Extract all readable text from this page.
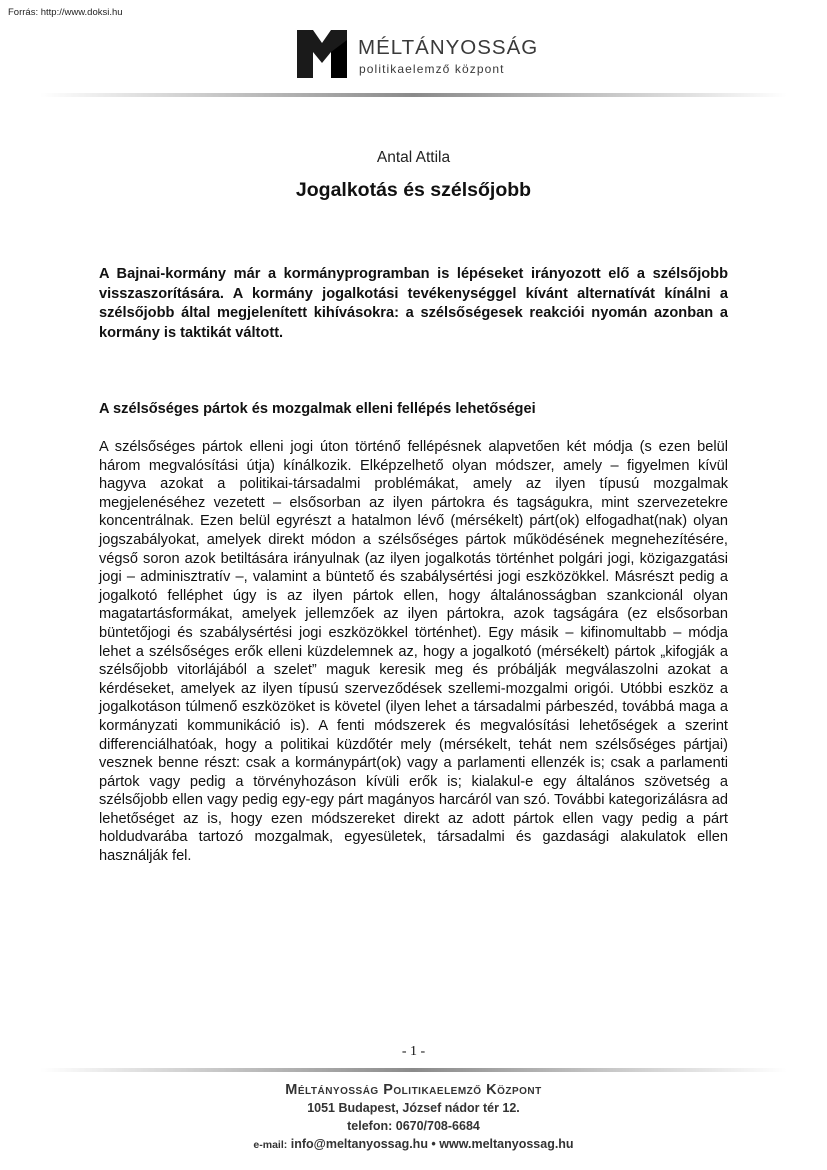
Forrás: http://www.doksi.hu
MÉLTÁNYOSSÁG
politikaelemző központ
Antal Attila
Jogalkotás és szélsőjobb

A Bajnai-kormány már a kormányprogramban is lépéseket irányozott elő a szélsőjobb visszaszorítására. A kormány jogalkotási tevékenységgel kívánt alternatívát kínálni a szélsőjobb által megjelenített kihívásokra: a szélsőségesek reakciói nyomán azonban a kormány is taktikát váltott.

A szélsőséges pártok és mozgalmak elleni fellépés lehetőségei

A szélsőséges pártok elleni jogi úton történő fellépésnek alapvetően két módja (s ezen belül három megvalósítási útja) kínálkozik. Elképzelhető olyan módszer, amely – figyelmen kívül hagyva azokat a politikai-társadalmi problémákat, amely az ilyen típusú mozgalmak megjelenéséhez vezetett – elsősorban az ilyen pártokra és tagságukra, mint szervezetekre koncentrálnak. Ezen belül egyrészt a hatalmon lévő (mérsékelt) párt(ok) elfogadhat(nak) olyan jogszabályokat, amelyek direkt módon a szélsőséges pártok működésének megnehezítésére, végső soron azok betiltására irányulnak (az ilyen jogalkotás történhet polgári jogi, közigazgatási jogi – adminisztratív –, valamint a büntető és szabálysértési jogi eszközökkel. Másrészt pedig a jogalkotó felléphet úgy is az ilyen pártok ellen, hogy általánosságban szankcionál olyan magatartásformákat, amelyek jellemzőek az ilyen pártokra, azok tagságára (ez elsősorban büntetőjogi és szabálysértési jogi eszközökkel történhet). Egy másik – kifinomultabb – módja lehet a szélsőséges erők elleni küzdelemnek az, hogy a jogalkotó (mérsékelt) pártok „kifogják a szélsőjobb vitorlájából a szelet” maguk keresik meg és próbálják megválaszolni azokat a kérdéseket, amelyek az ilyen típusú szerveződések szellemi-mozgalmi origói. Utóbbi eszköz a jogalkotáson túlmenő eszközöket is követel (ilyen lehet a társadalmi párbeszéd, továbbá maga a kormányzati kommunikáció is). A fenti módszerek és megvalósítási lehetőségek a szerint differenciálhatóak, hogy a politikai küzdőtér mely (mérsékelt, tehát nem szélsőséges pártjai) vesznek benne részt: csak a kormánypárt(ok) vagy a parlamenti ellenzék is; csak a parlamenti pártok vagy pedig a törvényhozáson kívüli erők is; kialakul-e egy általános szövetség a szélsőjobb ellen vagy pedig egy-egy párt magányos harcáról van szó. További kategorizálásra ad lehetőséget az is, hogy ezen módszereket direkt az adott pártok ellen vagy pedig a párt holdudvarába tartozó mozgalmak, egyesületek, társadalmi és gazdasági alakulatok ellen használják fel.

- 1 -
Méltányosság Politikaelemző Központ
1051 Budapest, József nádor tér 12.
telefon: 0670/708-6684
e-mail: info@meltanyossag.hu • www.meltanyossag.hu
